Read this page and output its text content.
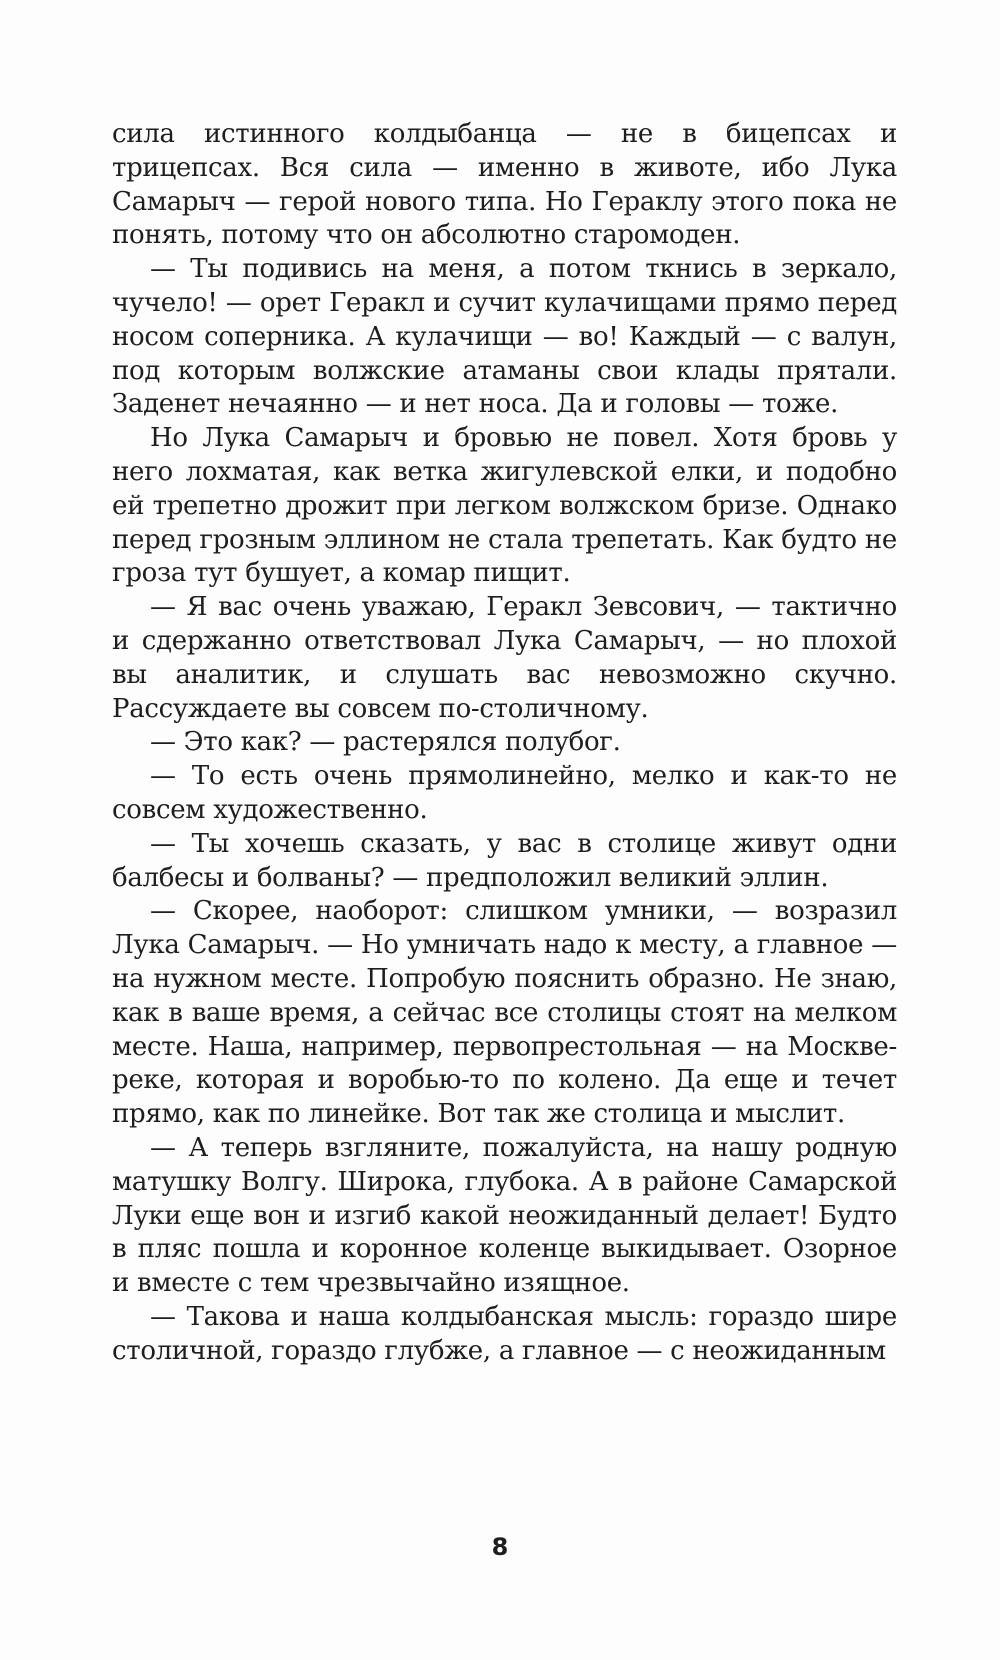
сила истинного колдыбанца — не в бицепсах и трицепсах. Вся сила — именно в животе, ибо Лука Самарыч — герой нового типа. Но Гераклу этого пока не понять, потому что он абсолютно старомоден.

— Ты подивись на меня, а потом ткнись в зеркало, чучело! — орет Геракл и сучит кулачищами прямо перед носом соперника. А кулачищи — во! Каждый — с валун, под которым волжские атаманы свои клады прятали. Заденет нечаянно — и нет носа. Да и головы — тоже.

Но Лука Самарыч и бровью не повел. Хотя бровь у него лохматая, как ветка жигулевской елки, и подобно ей трепетно дрожит при легком волжском бризе. Однако перед грозным эллином не стала трепетать. Как будто не гроза тут бушует, а комар пищит.

— Я вас очень уважаю, Геракл Зевсович, — тактично и сдержанно ответствовал Лука Самарыч, — но плохой вы аналитик, и слушать вас невозможно скучно. Рассуждаете вы совсем по-столичному.

— Это как? — растерялся полубог.

— То есть очень прямолинейно, мелко и как-то не совсем художественно.

— Ты хочешь сказать, у вас в столице живут одни балбесы и болваны? — предположил великий эллин.

— Скорее, наоборот: слишком умники, — возразил Лука Самарыч. — Но умничать надо к месту, а главное — на нужном месте. Попробую пояснить образно. Не знаю, как в ваше время, а сейчас все столицы стоят на мелком месте. Наша, например, первопрестольная — на Москве-реке, которая и воробью-то по колено. Да еще и течет прямо, как по линейке. Вот так же столица и мыслит.

— А теперь взгляните, пожалуйста, на нашу родную матушку Волгу. Широка, глубока. А в районе Самарской Луки еще вон и изгиб какой неожиданный делает! Будто в пляс пошла и коронное коленце выкидывает. Озорное и вместе с тем чрезвычайно изящное.

— Такова и наша колдыбанская мысль: гораздо шире столичной, гораздо глубже, а главное — с неожиданным

8
